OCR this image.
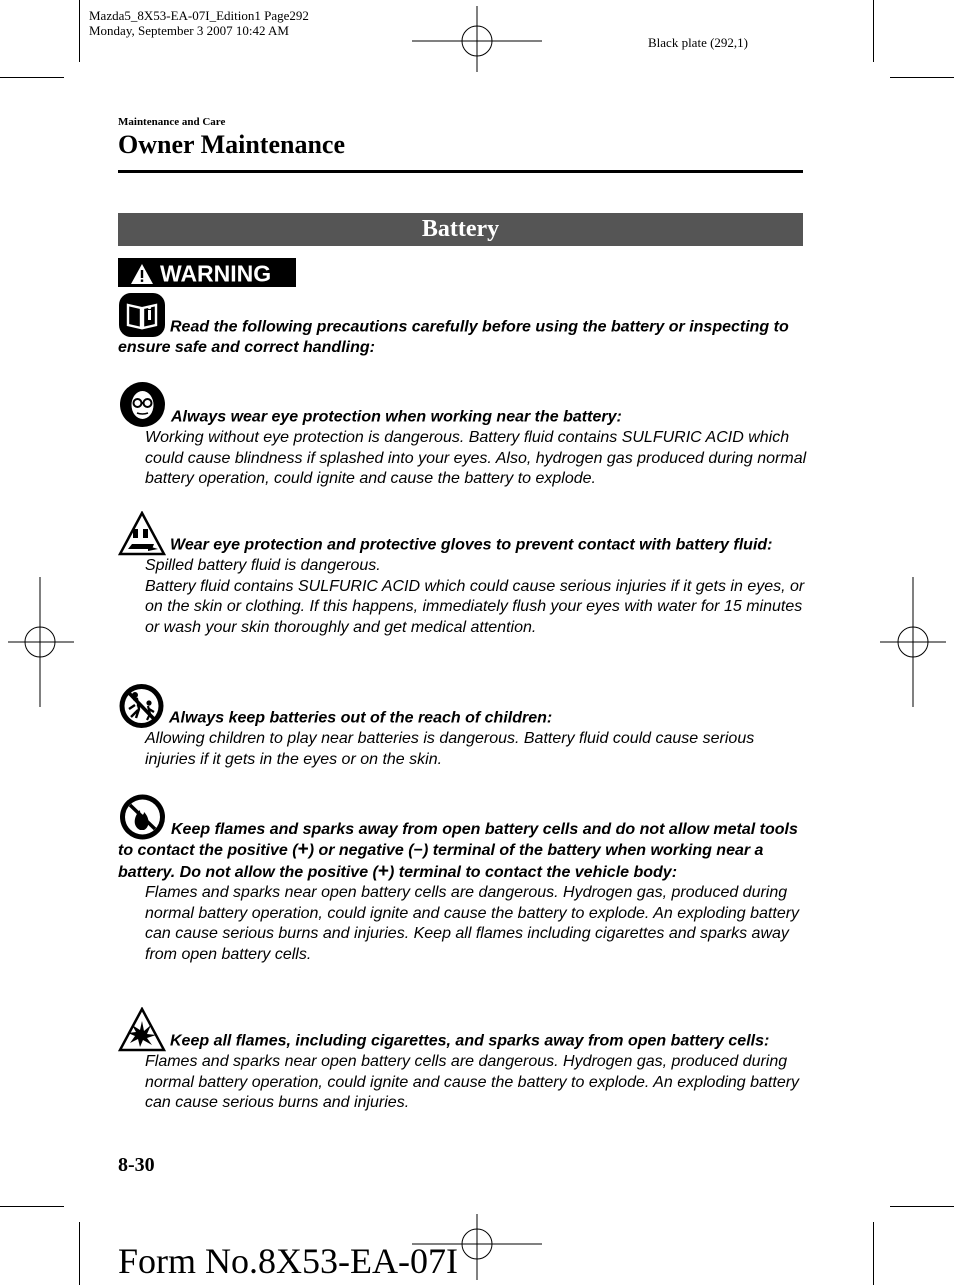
Mazda5_8X53-EA-07I_Edition1 Page292
Monday, September 3 2007 10:42 AM
Black plate (292,1)
Maintenance and Care
Owner Maintenance
Battery
WARNING
Read the following precautions carefully before using the battery or inspecting to ensure safe and correct handling:
Always wear eye protection when working near the battery:
Working without eye protection is dangerous. Battery fluid contains SULFURIC ACID which could cause blindness if splashed into your eyes. Also, hydrogen gas produced during normal battery operation, could ignite and cause the battery to explode.
Wear eye protection and protective gloves to prevent contact with battery fluid:
Spilled battery fluid is dangerous.
Battery fluid contains SULFURIC ACID which could cause serious injuries if it gets in eyes, or on the skin or clothing. If this happens, immediately flush your eyes with water for 15 minutes or wash your skin thoroughly and get medical attention.
Always keep batteries out of the reach of children:
Allowing children to play near batteries is dangerous. Battery fluid could cause serious injuries if it gets in the eyes or on the skin.
Keep flames and sparks away from open battery cells and do not allow metal tools to contact the positive (+) or negative (−) terminal of the battery when working near a battery. Do not allow the positive (+) terminal to contact the vehicle body:
Flames and sparks near open battery cells are dangerous. Hydrogen gas, produced during normal battery operation, could ignite and cause the battery to explode. An exploding battery can cause serious burns and injuries. Keep all flames including cigarettes and sparks away from open battery cells.
Keep all flames, including cigarettes, and sparks away from open battery cells:
Flames and sparks near open battery cells are dangerous. Hydrogen gas, produced during normal battery operation, could ignite and cause the battery to explode. An exploding battery can cause serious burns and injuries.
8-30
Form No.8X53-EA-07I
